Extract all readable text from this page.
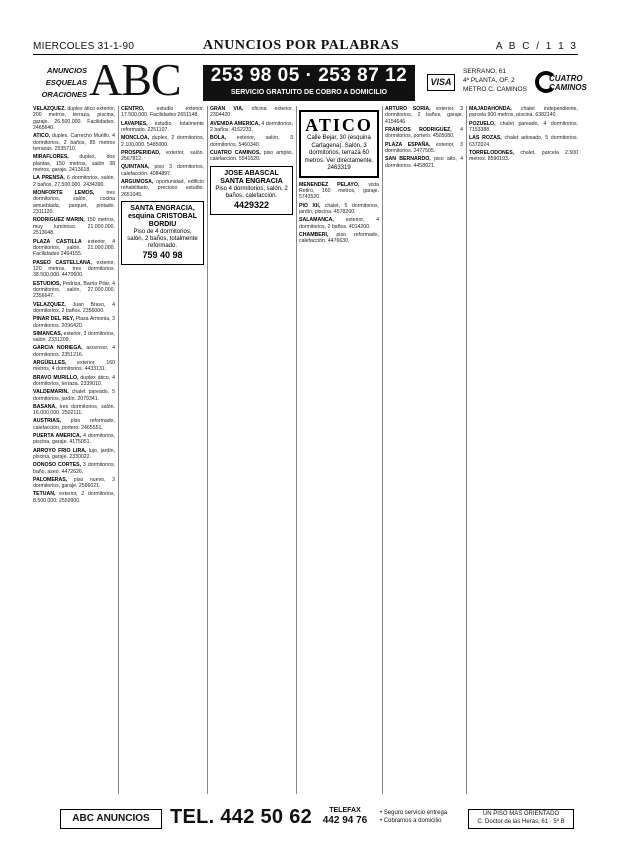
MIERCOLES 31-1-90	ANUNCIOS POR PALABRAS	A B C / 1 1 3
ANUNCIOS
ESQUELAS
ORACIONES ABC	253 98 05 · 253 87 12
SERVICIO GRATUITO DE COBRO A DOMICILIO
VISA
SERRANO, 61
4ª PLANTA, OF. 2
METRO C. CAMINOS
CUATRO
CAMINOS

VELAZQUEZ. duplex ático exterior, 200 metros, terraza, piscina, garaje. 26.500.000. Facilidades. 2465640.

ATICO, duplex. Carrecho Murillo. 4 dormitorios, 2 baños, 85 metros terrazas. 2535710.

MIRAFLORES, duplex, dos plantas, 150 metros, salón 38 metros, garaje. 2413618.

LA PRENSA, 6 dormitorios, salón. 2 baños, 27.500.000. 2434390.

MONFORTE LEMOS, tres dormitorios, salón, cocina amueblada, parquet, pintado. 2311120.

RODRIGUEZ MARIN, 150 metros, muy luminoso. 21.000.000. 2513048.

PLAZA CASTILLA exterior, 4 dormitorios, salón. 21.000.000. Facilidades 2464155.

PASEO CASTELLANA, exterior, 120 metros, tres dormitorios. 38.500.000. 4470600.

ESTUDIOS, Pedriza, Barrio Pilar, 4 dormitorios, salón, 27.000.000. 2356647.

VELAZQUEZ, Juan Bravo, 4 dormitorios, 2 baños. 2356000.

PINAR DEL REY, Plaza Armonia, 3 dormitorios. 2096420.

SIMANCAS, exterior, 3 dormitorios, salón. 2331209.

GARCIA NORIEGA, ascensor, 4 dormitorios. 2351216.

ARGÜELLES, exterior, 160 metros, 4 dormitorios. 4433131.

BRAVO MURILLO, duplex ático, 4 dormitorios, terraza. 2339010.

VALDEMARIN, chalet pareado, 5 dormitorios, jardín. 2079341.

BASANA, tres dormitorios, salón. 16.000.000. 2502111.

AUSTRIAS, piso reformado, calefacción, portero. 2465551.

PUERTA AMERICA, 4 dormitorios, piscina, garaje. 4175051.

ARROYO FRIO LIRA, lujo, jardín, piscina, garaje. 2330022.

DONOSO CORTES, 3 dormitorios, baño, aseo. 4472626.

PALOMERAS, piso nuevo, 3 dormitorios, garaje. 2566021.

TETUAN, exterior, 2 dormitorios, 8.500.000. 2559900.

CENTRO, estudio exterior. 17.500.000. Facilidades 2651148.

LAVAPIES, estudio, totalmente reformado. 2251107.

MONCLOA, duplex, 2 dormitorios, 2.100.000. 5485000.

PROSPERIDAD, exterior, salón. 2567812.

QUINTANA, piso 3 dormitorios, calefacción. 4084897.

ARGUMOSA, oportunidad, edificio rehabilitado, precioso estudio. 2651045.

SANTA ENGRACIA, esquina CRISTOBAL BORDIU
Piso de 4 dormitorios, salón, 2 baños, totalmente reformado.
759 40 98

GRAN VIA, oficina exterior. 2304420.

AVENIDA AMERICA, 4 dormitorios, 2 baños. 4162233.

BOLA, exterior, salón, 3 dormitorios. 5460340.

CUATRO CAMINOS, piso amplio, calefacción. 5541620.

JOSE ABASCAL SANTA ENGRACIA
Piso 4 dormitorios, salón, 2 baños, calefacción.
4429322
ATICO
Calle Bejar, 30 (esquina Cartagena). Salón, 3 dormitorios, terraza 60 metros. Ver directamente.
2463319

MENENDEZ PELAYO, vista Retiro, 160 metros, garaje. 5743520.

PIO XII, chalet, 5 dormitorios, jardín, piscina. 4578200.

SALAMANCA, exterior, 4 dormitorios, 2 baños. 4014200.

CHAMBERI, piso reformado, calefacción. 4476630.

ARTURO SORIA, exterior, 3 dormitorios, 2 baños, garaje. 4154646.

FRANCOS RODRIGUEZ, 4 dormitorios, portero. 4505080.

PLAZA ESPAÑA, exterior, 3 dormitorios. 2477505.

SAN BERNARDO, piso alto, 4 dormitorios. 4458021.

MAJADAHONDA, chalet independiente, parcela 900 metros, piscina. 6382140.

POZUELO, chalet pareado, 4 dormitorios. 7153388.

LAS ROZAS, chalet adosado, 5 dormitorios. 6372024.

TORRELODONES, chalet, parcela 2.500 metros. 8590103.

ABC ANUNCIOS	TEL. 442 50 62	TELEFAX
442 94 76
• Seguro servicio entrega
• Cobramos a domicilio
UN PISO MÁS ORIENTADO
C. Doctor de las Heras, 61 · 5º B
